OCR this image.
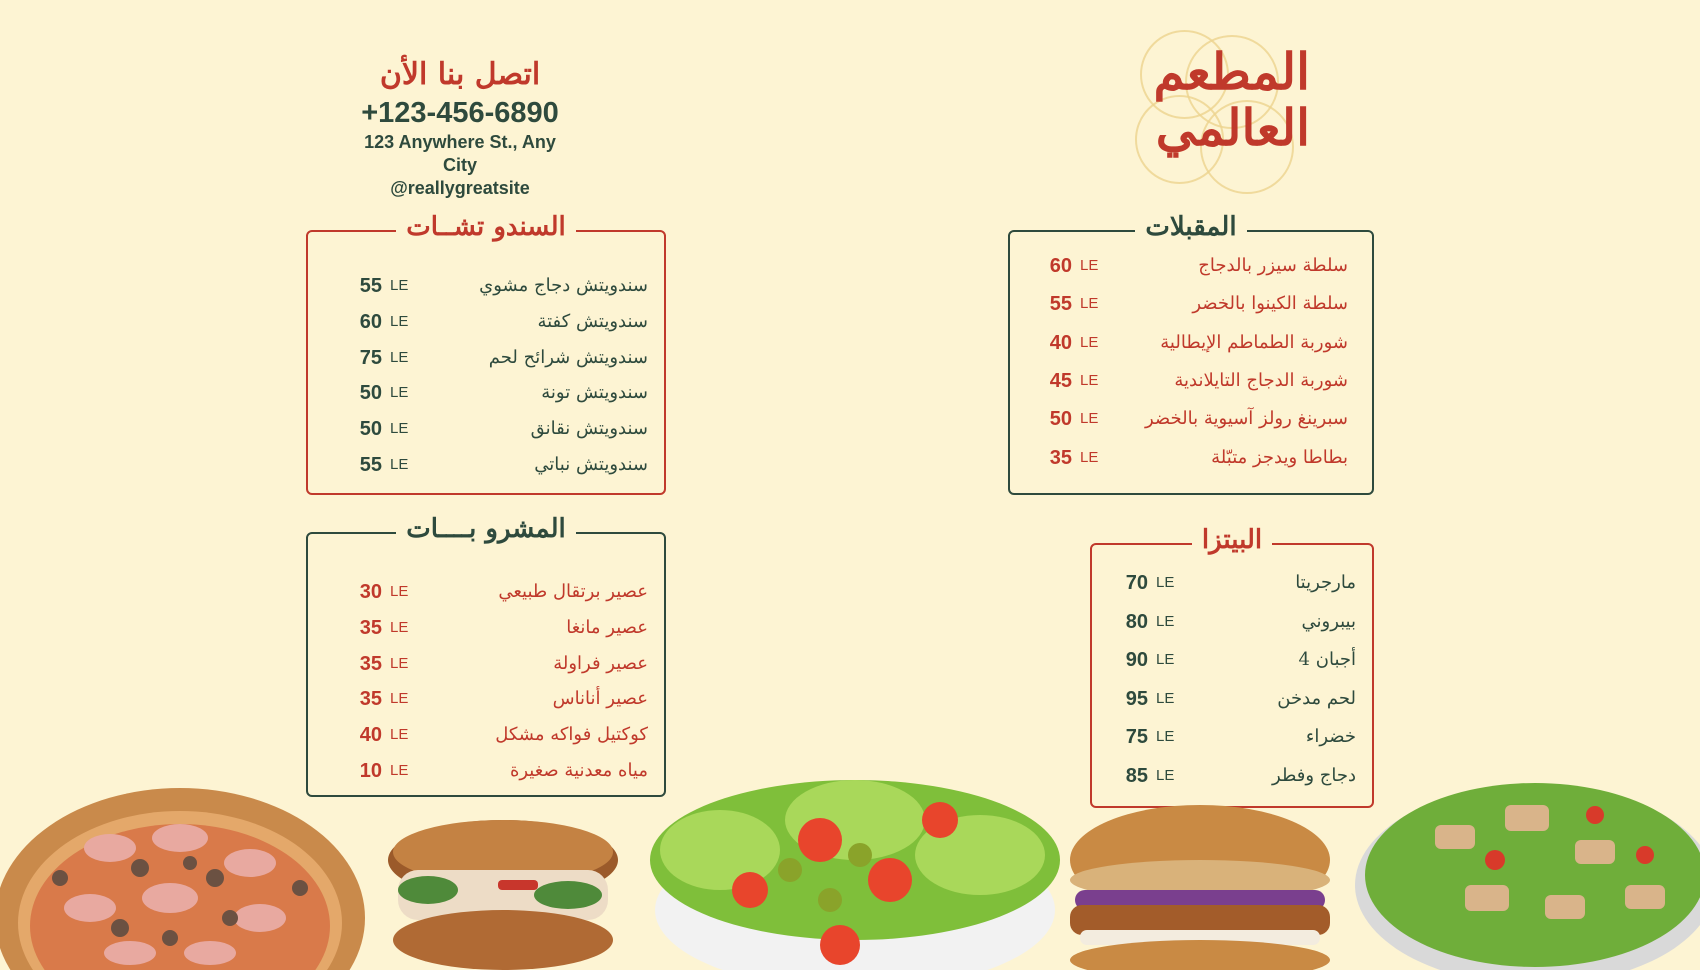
المطعم
العالمي
اتصل بنا الأن
+123-456-6890
123 Anywhere St., Any
City
@reallygreatsite
السندو تشــات
55 LE	سندويتش دجاج مشوي
60 LE	سندويتش كفتة
75 LE	سندويتش شرائح لحم
50 LE	سندويتش تونة
50 LE	سندويتش نقانق
55 LE	سندويتش نباتي
المشرو بــــات
30 LE	عصير برتقال طبيعي
35 LE	عصير مانغا
35 LE	عصير فراولة
35 LE	عصير أناناس
40 LE	كوكتيل فواكه مشكل
10 LE	مياه معدنية صغيرة
المقبلات
60 LE	سلطة سيزر بالدجاج
55 LE	سلطة الكينوا بالخضر
40 LE	شوربة الطماطم الإيطالية
45 LE	شوربة الدجاج التايلاندية
50 LE	سبرينغ رولز آسيوية بالخضر
35 LE	بطاطا ويدجز متبّلة
البيتزا
70 LE	مارجريتا
80 LE	بيبروني
90 LE	4 أجبان
95 LE	لحم مدخن
75 LE	خضراء
85 LE	دجاج وفطر
